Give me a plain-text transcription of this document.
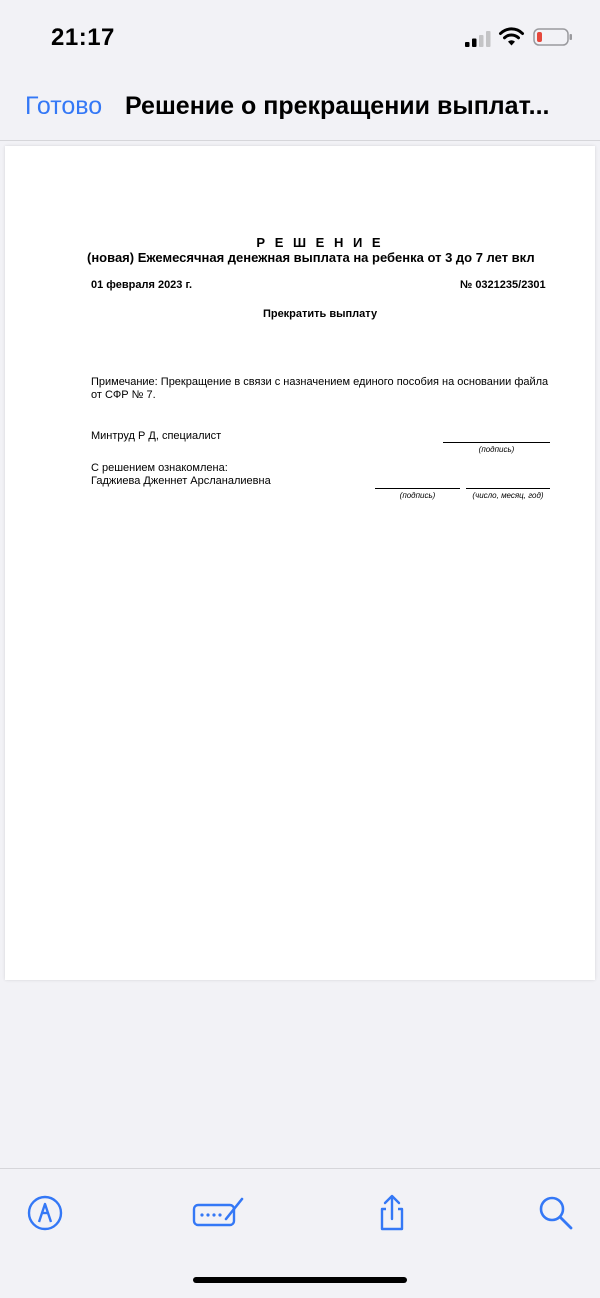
21:17
Готово Решение о прекращении выплат...
Р Е Ш Е Н И Е
(новая) Ежемесячная денежная выплата на ребенка от 3 до 7 лет вкл
01 февраля 2023 г.	№ 0321235/2301
Прекратить выплату
Примечание: Прекращение в связи с назначением единого пособия на основании файла от СФР № 7.
Минтруд Р Д, специалист
(подпись)
С решением ознакомлена:
Гаджиева Дженнет Арсланалиевна
(подпись)	(число, месяц, год)
